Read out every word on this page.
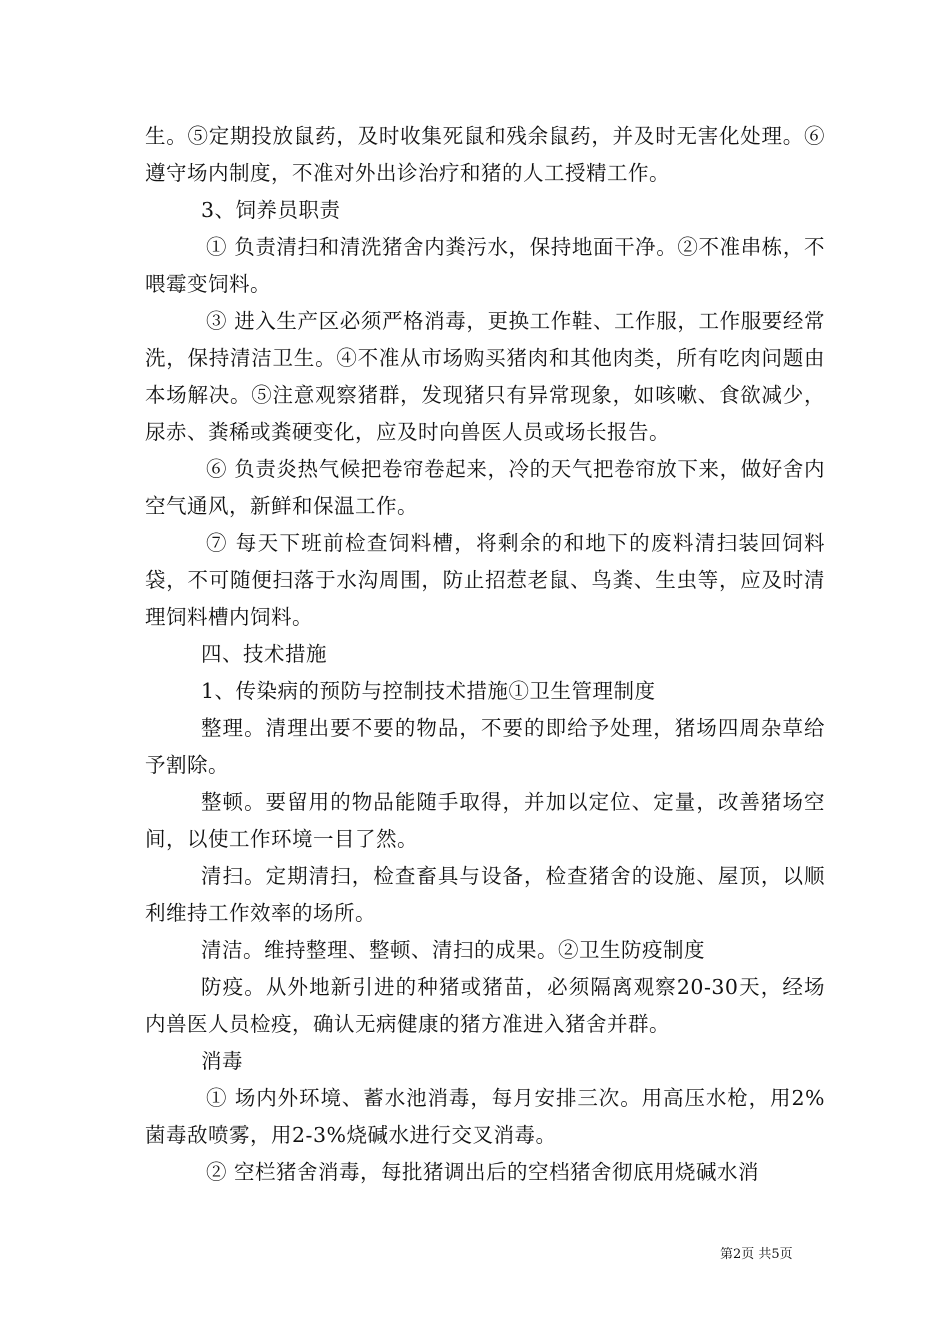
生。⑤定期投放鼠药，及时收集死鼠和残余鼠药，并及时无害化处理。⑥遵守场内制度，不准对外出诊治疗和猪的人工授精工作。

3、饲养员职责

① 负责清扫和清洗猪舍内粪污水，保持地面干净。②不准串栋，不喂霉变饲料。

③ 进入生产区必须严格消毒，更换工作鞋、工作服，工作服要经常洗，保持清洁卫生。④不准从市场购买猪肉和其他肉类，所有吃肉问题由本场解决。⑤注意观察猪群，发现猪只有异常现象，如咳嗽、食欲减少，尿赤、粪稀或粪硬变化，应及时向兽医人员或场长报告。

⑥ 负责炎热气候把卷帘卷起来，冷的天气把卷帘放下来，做好舍内空气通风，新鲜和保温工作。

⑦ 每天下班前检查饲料槽，将剩余的和地下的废料清扫装回饲料袋，不可随便扫落于水沟周围，防止招惹老鼠、鸟粪、生虫等，应及时清理饲料槽内饲料。

四、技术措施

1、传染病的预防与控制技术措施①卫生管理制度

整理。清理出要不要的物品，不要的即给予处理，猪场四周杂草给予割除。

整顿。要留用的物品能随手取得，并加以定位、定量，改善猪场空间，以使工作环境一目了然。

清扫。定期清扫，检查畜具与设备，检查猪舍的设施、屋顶，以顺利维持工作效率的场所。

清洁。维持整理、整顿、清扫的成果。②卫生防疫制度

防疫。从外地新引进的种猪或猪苗，必须隔离观察20-30天，经场内兽医人员检疫，确认无病健康的猪方准进入猪舍并群。

消毒

① 场内外环境、蓄水池消毒，每月安排三次。用高压水枪，用2%菌毒敌喷雾，用2-3%烧碱水进行交叉消毒。

② 空栏猪舍消毒，每批猪调出后的空档猪舍彻底用烧碱水消

第2页 共5页
